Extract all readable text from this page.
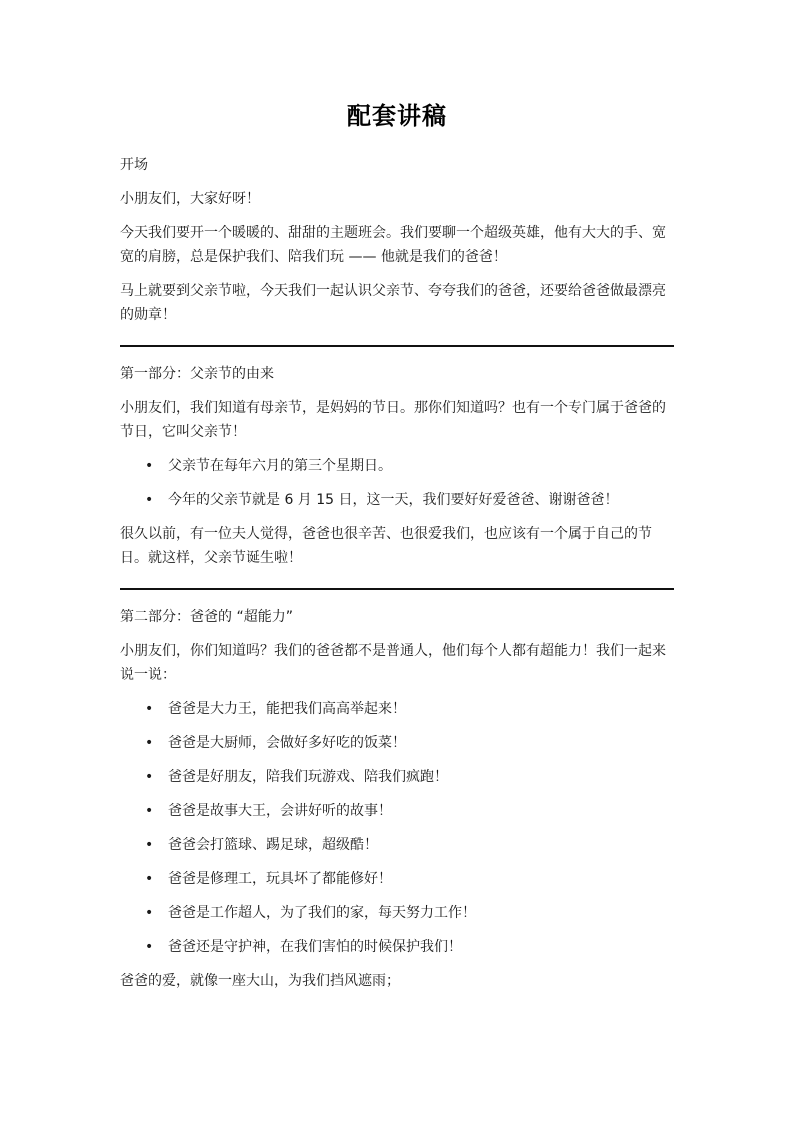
配套讲稿

开场

小朋友们，大家好呀！

今天我们要开一个暖暖的、甜甜的主题班会。我们要聊一个超级英雄，他有大大的手、宽宽的肩膀，总是保护我们、陪我们玩 —— 他就是我们的爸爸！

马上就要到父亲节啦，今天我们一起认识父亲节、夸夸我们的爸爸，还要给爸爸做最漂亮的勋章！

第一部分：父亲节的由来

小朋友们，我们知道有母亲节，是妈妈的节日。那你们知道吗？也有一个专门属于爸爸的节日，它叫父亲节！

• 父亲节在每年六月的第三个星期日。
• 今年的父亲节就是 6 月 15 日，这一天，我们要好好爱爸爸、谢谢爸爸！

很久以前，有一位夫人觉得，爸爸也很辛苦、也很爱我们，也应该有一个属于自己的节日。就这样，父亲节诞生啦！

第二部分：爸爸的 “超能力”

小朋友们，你们知道吗？我们的爸爸都不是普通人，他们每个人都有超能力！我们一起来说一说：

• 爸爸是大力王，能把我们高高举起来！
• 爸爸是大厨师，会做好多好吃的饭菜！
• 爸爸是好朋友，陪我们玩游戏、陪我们疯跑！
• 爸爸是故事大王，会讲好听的故事！
• 爸爸会打篮球、踢足球，超级酷！
• 爸爸是修理工，玩具坏了都能修好！
• 爸爸是工作超人，为了我们的家，每天努力工作！
• 爸爸还是守护神，在我们害怕的时候保护我们！

爸爸的爱，就像一座大山，为我们挡风遮雨；
